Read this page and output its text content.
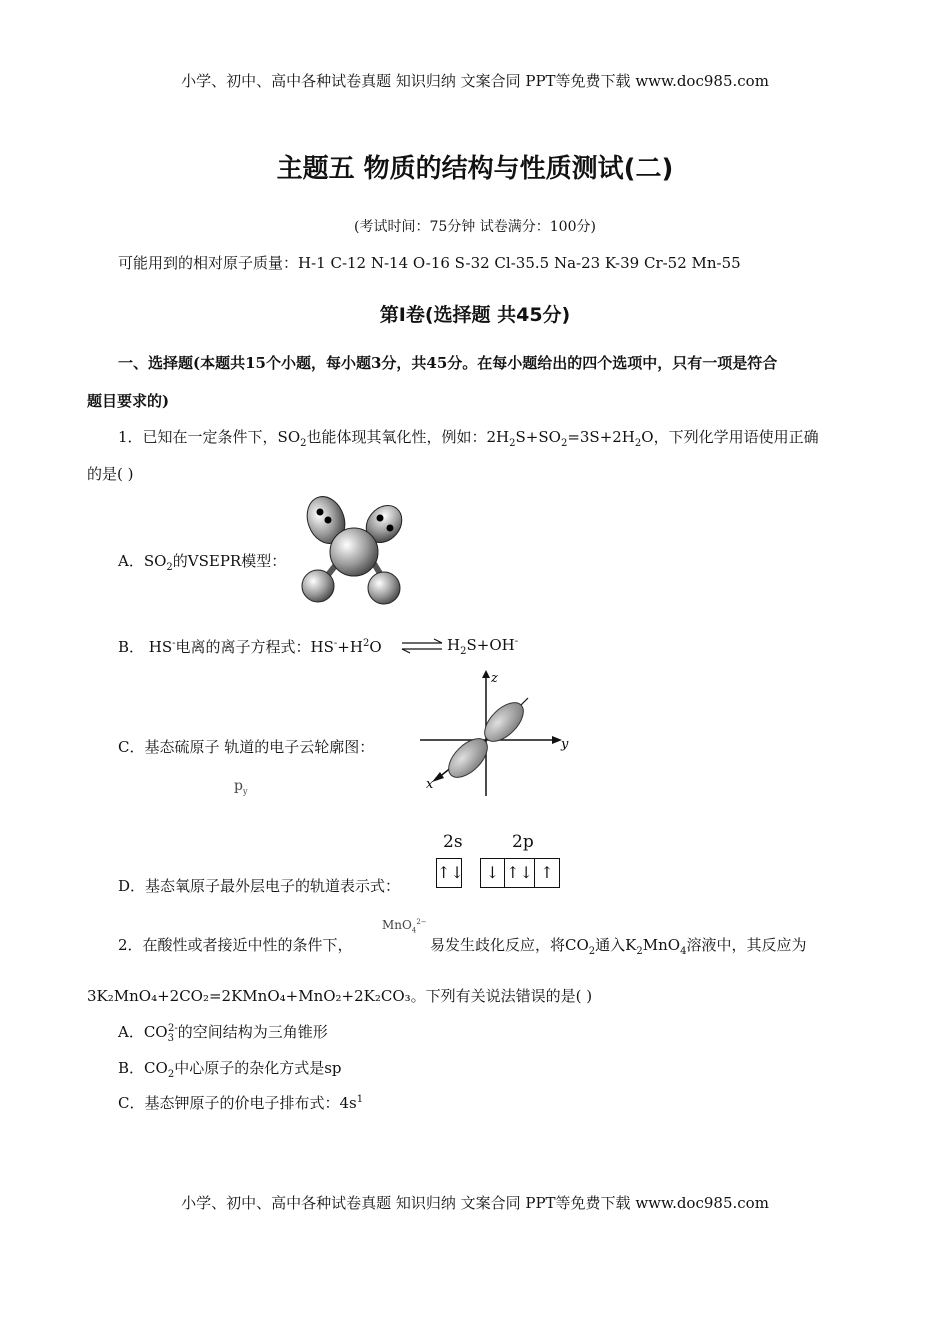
小学、初中、高中各种试卷真题 知识归纳 文案合同 PPT等免费下载 www.doc985.com
主题五 物质的结构与性质测试(二)
(考试时间：75分钟 试卷满分：100分)
可能用到的相对原子质量：H-1 C-12 N-14 O-16 S-32 Cl-35.5 Na-23 K-39 Cr-52 Mn-55
第Ⅰ卷(选择题 共45分)
一、选择题(本题共15个小题，每小题3分，共45分。在每小题给出的四个选项中，只有一项是符合
题目要求的)
1．已知在一定条件下，$SO_2$也能体现其氧化性，例如：$2H_2S+SO_2=3S+2H_2O$，下列化学用语使用正确
的是( )
A．$SO_2$的VSEPR模型：
B． HS-电离的离子方程式：$HS^-+H^2O$ ⇌ $H_2S+OH^-$
C．基态硫原子 轨道的电子云轮廓图：
$p_y$
z
y
x
D．基态氧原子最外层电子的轨道表示式：
2s	2p
↑↓	↓ ↑↓ ↑
2．在酸性或者接近中性的条件下，
MnO$_4^{2-}$
易发生歧化反应，将$CO_2$通入$K_2MnO_4$溶液中，其反应为
3K₂MnO₄+2CO₂=2KMnO₄+MnO₂+2K₂CO₃。下列有关说法错误的是( )
A．$CO_3^{2-}$的空间结构为三角锥形
B．$CO_2$中心原子的杂化方式是sp
C．基态钾原子的价电子排布式：$4s^1$
小学、初中、高中各种试卷真题 知识归纳 文案合同 PPT等免费下载 www.doc985.com
